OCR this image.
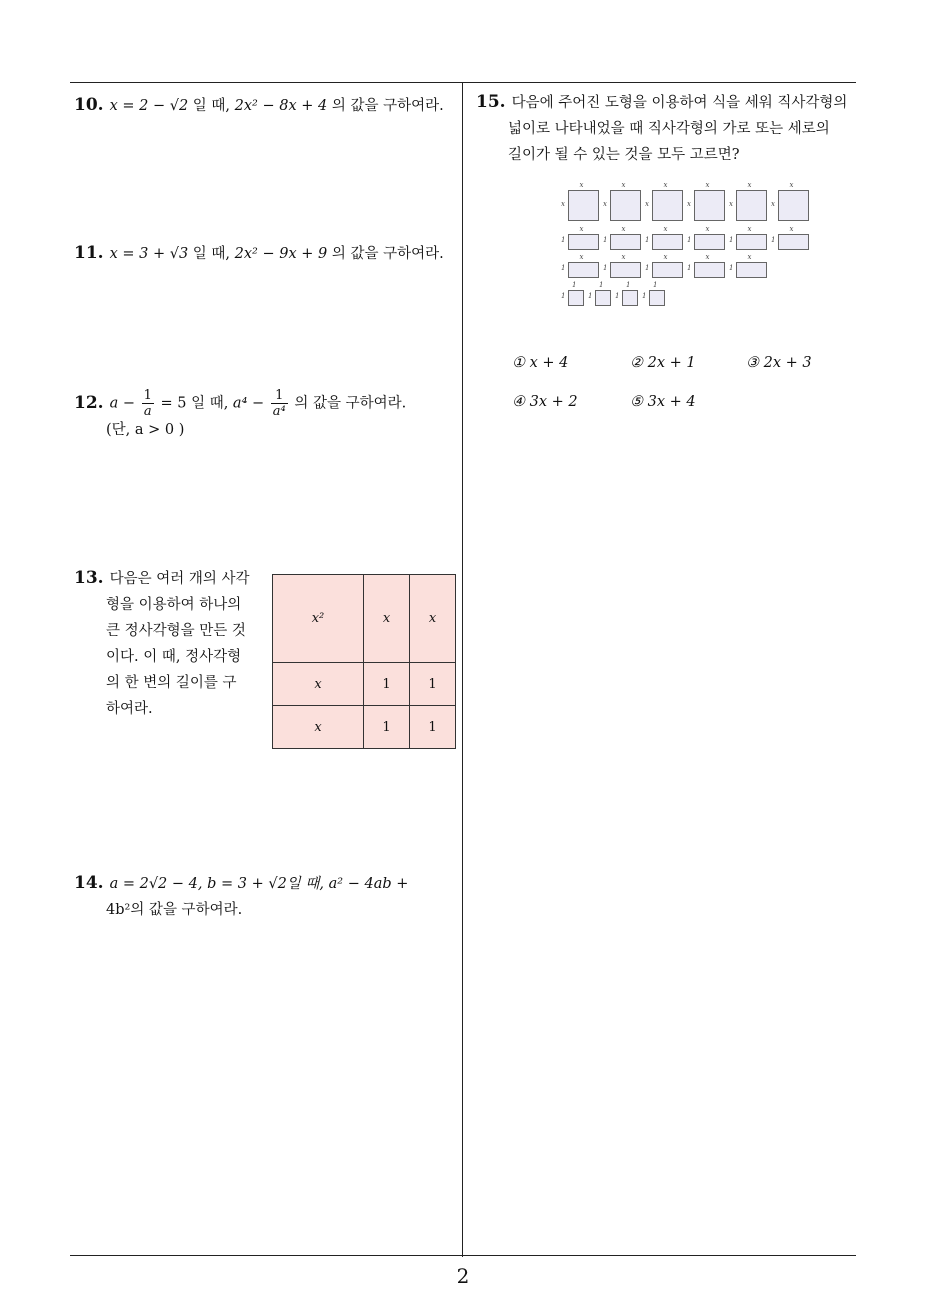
10. x = 2 − √2 일 때, 2x² − 8x + 4 의 값을 구하여라.
11. x = 3 + √3 일 때, 2x² − 9x + 9 의 값을 구하여라.
12. $a - \frac{1}{a} = 5$ 일 때, $a^4 - \frac{1}{\text{a⁴}}$ 의 값을 구하여라.
(단, a > 0 )
13. 다음은 여러 개의 사각
형을 이용하여 하나의
큰 정사각형을 만든 것
이다. 이 때, 정사각형
의 한 변의 길이를 구
하여라.
x²	x	x
x	1	1
x	1	1
14. a = 2√2 − 4, b = 3 + √2일 때, a² − 4ab +
4b²의 값을 구하여라.
15. 다음에 주어진 도형을 이용하여 식을 세워 직사각형의
넓이로 나타내었을 때 직사각형의 가로 또는 세로의
길이가 될 수 있는 것을 모두 고르면?
x
x
x
x
x
x
x
x
x
x
x
x
x
1
x
1
x
1
x
1
x
1
x
1
x
1
x
1
x
1
x
1
x
1
1
1
1
1
1
1
1
1
① x + 4	② 2x + 1	③ 2x + 3
④ 3x + 2	⑤ 3x + 4
2
